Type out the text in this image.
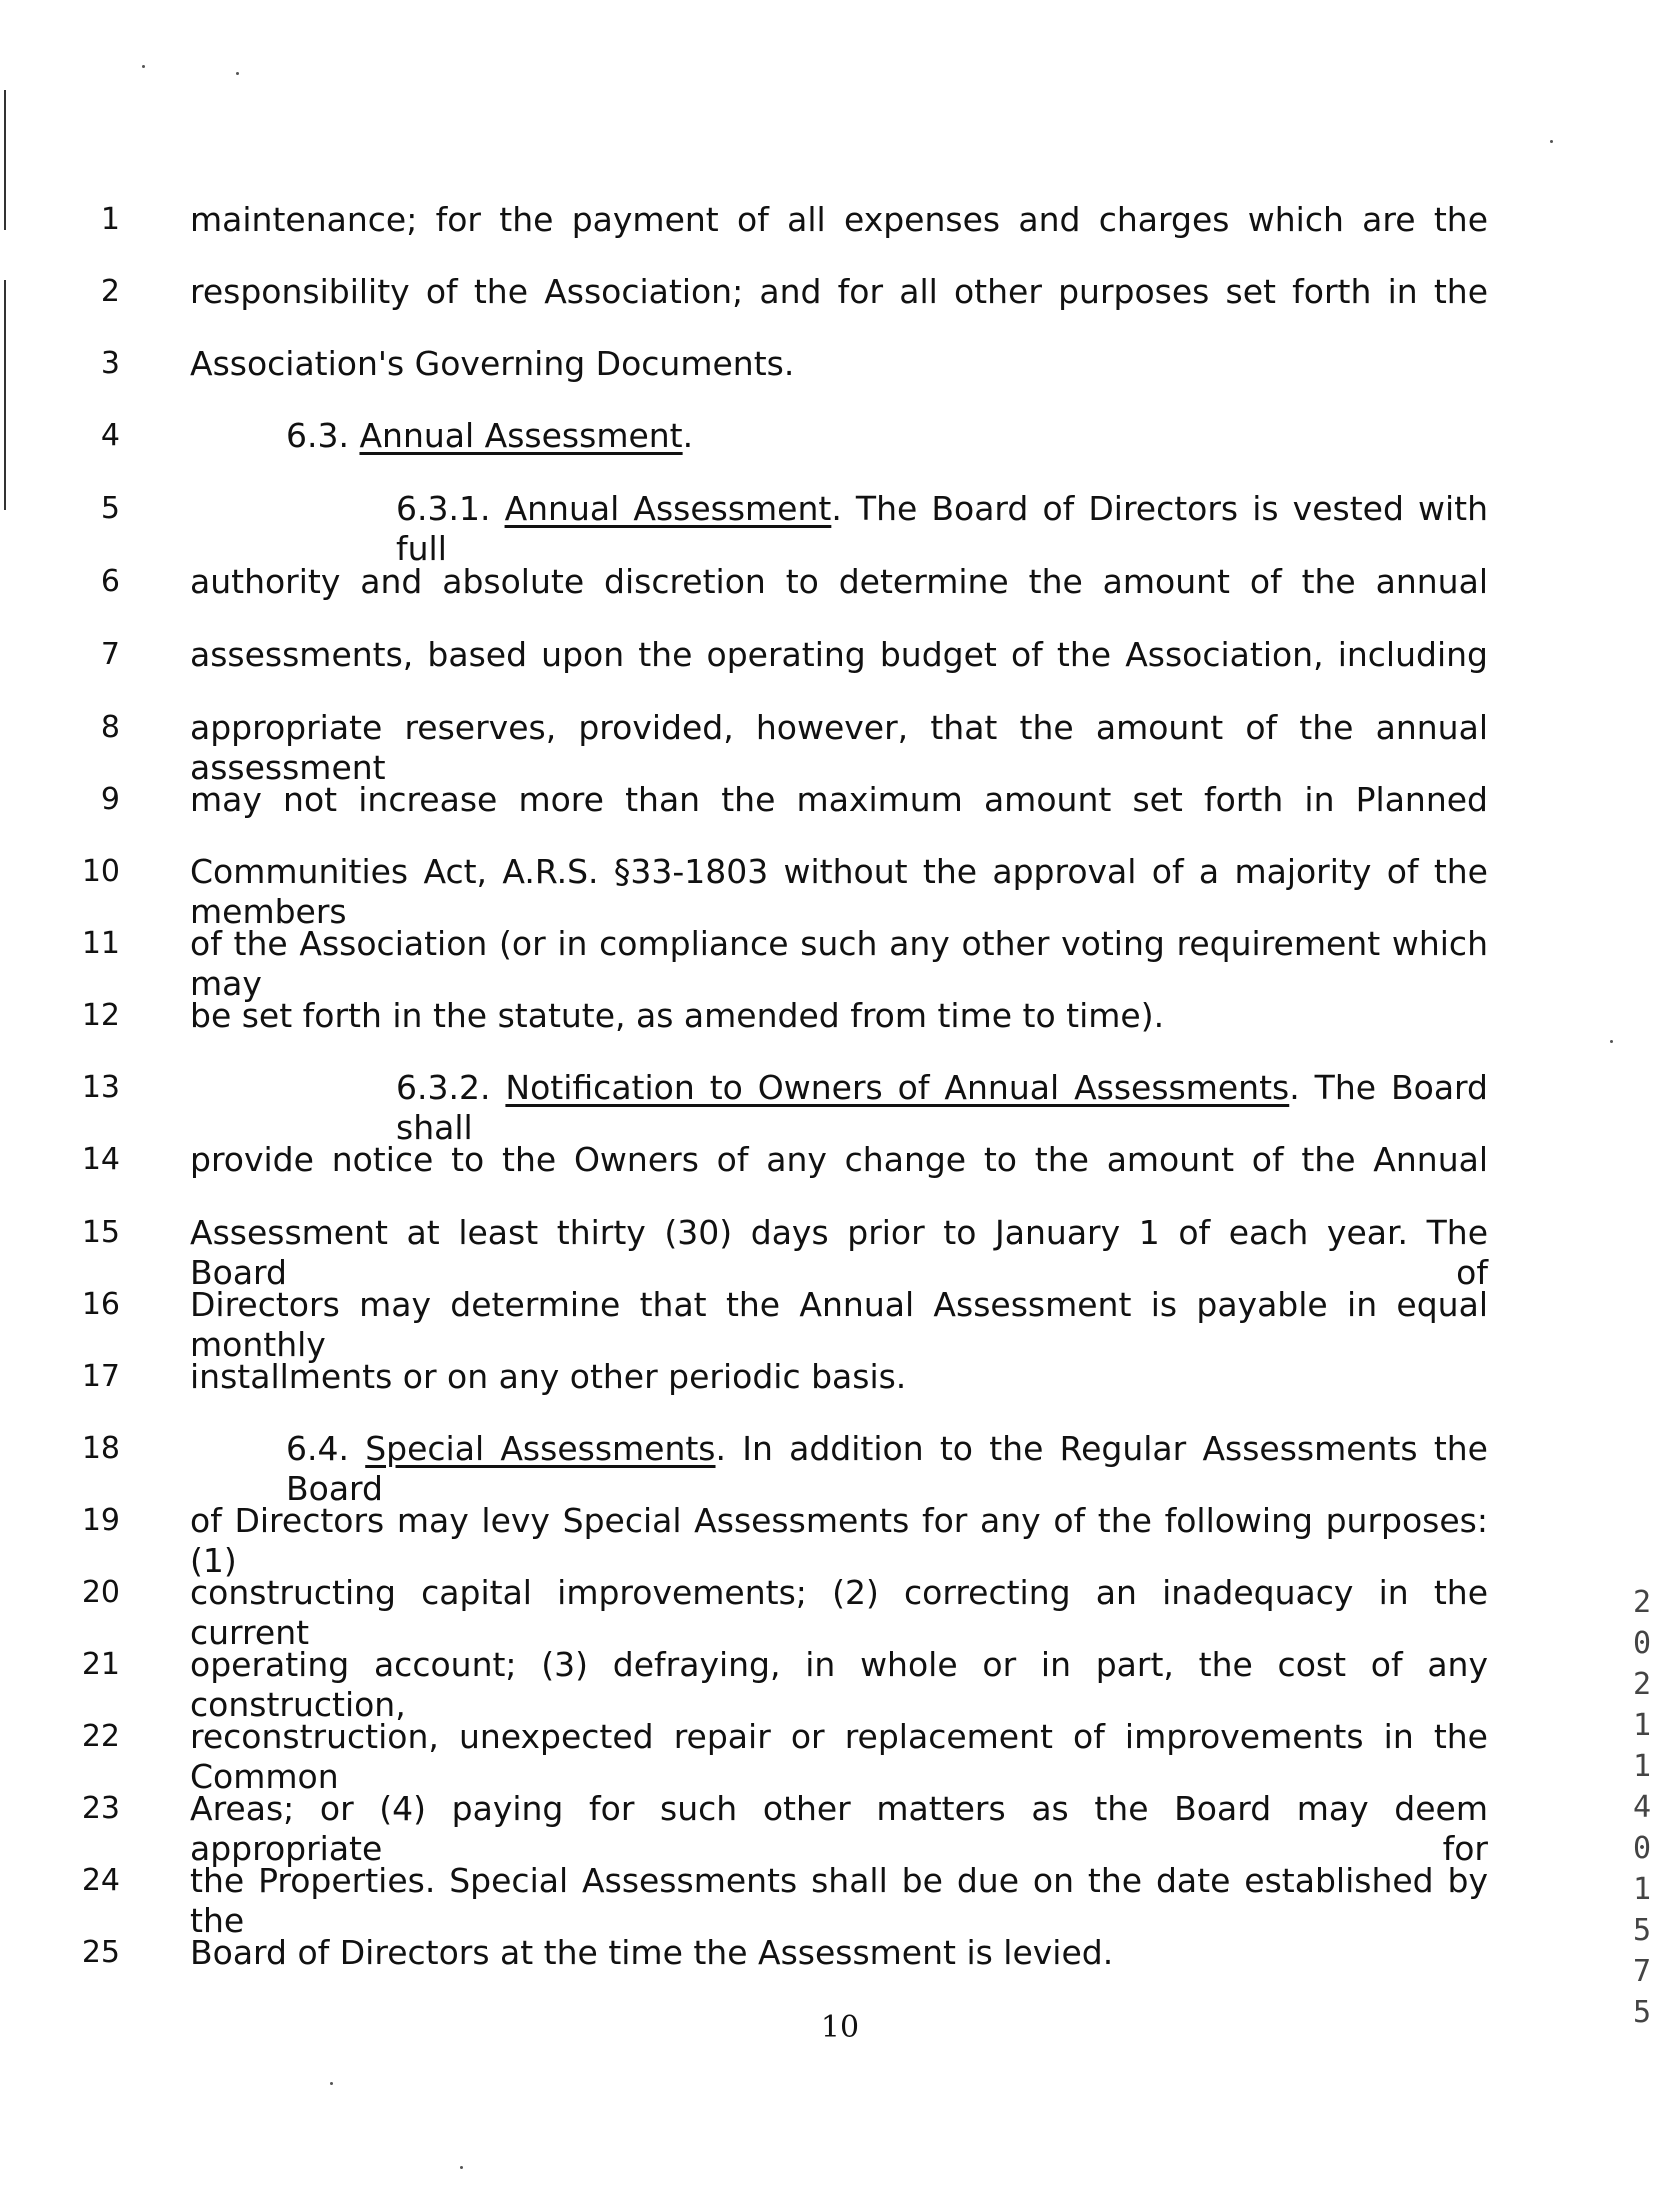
1 maintenance; for the payment of all expenses and charges which are the
2 responsibility of the Association; and for all other purposes set forth in the
3 Association's Governing Documents.
4	6.3. Annual Assessment.
5	6.3.1. Annual Assessment. The Board of Directors is vested with full
6 authority and absolute discretion to determine the amount of the annual
7 assessments, based upon the operating budget of the Association, including
8 appropriate reserves, provided, however, that the amount of the annual assessment
9 may not increase more than the maximum amount set forth in Planned
10 Communities Act, A.R.S. §33-1803 without the approval of a majority of the members
11 of the Association (or in compliance such any other voting requirement which may
12 be set forth in the statute, as amended from time to time).
13	6.3.2. Notification to Owners of Annual Assessments. The Board shall
14 provide notice to the Owners of any change to the amount of the Annual
15 Assessment at least thirty (30) days prior to January 1 of each year. The Board of
16 Directors may determine that the Annual Assessment is payable in equal monthly
17 installments or on any other periodic basis.
18	6.4. Special Assessments. In addition to the Regular Assessments the Board
19 of Directors may levy Special Assessments for any of the following purposes: (1)
20 constructing capital improvements; (2) correcting an inadequacy in the current
21 operating account; (3) defraying, in whole or in part, the cost of any construction,
22 reconstruction, unexpected repair or replacement of improvements in the Common
23 Areas; or (4) paying for such other matters as the Board may deem appropriate for
24 the Properties. Special Assessments shall be due on the date established by the
25 Board of Directors at the time the Assessment is levied.
10
2
0
2
1
1
4
0
1
5
7
5
